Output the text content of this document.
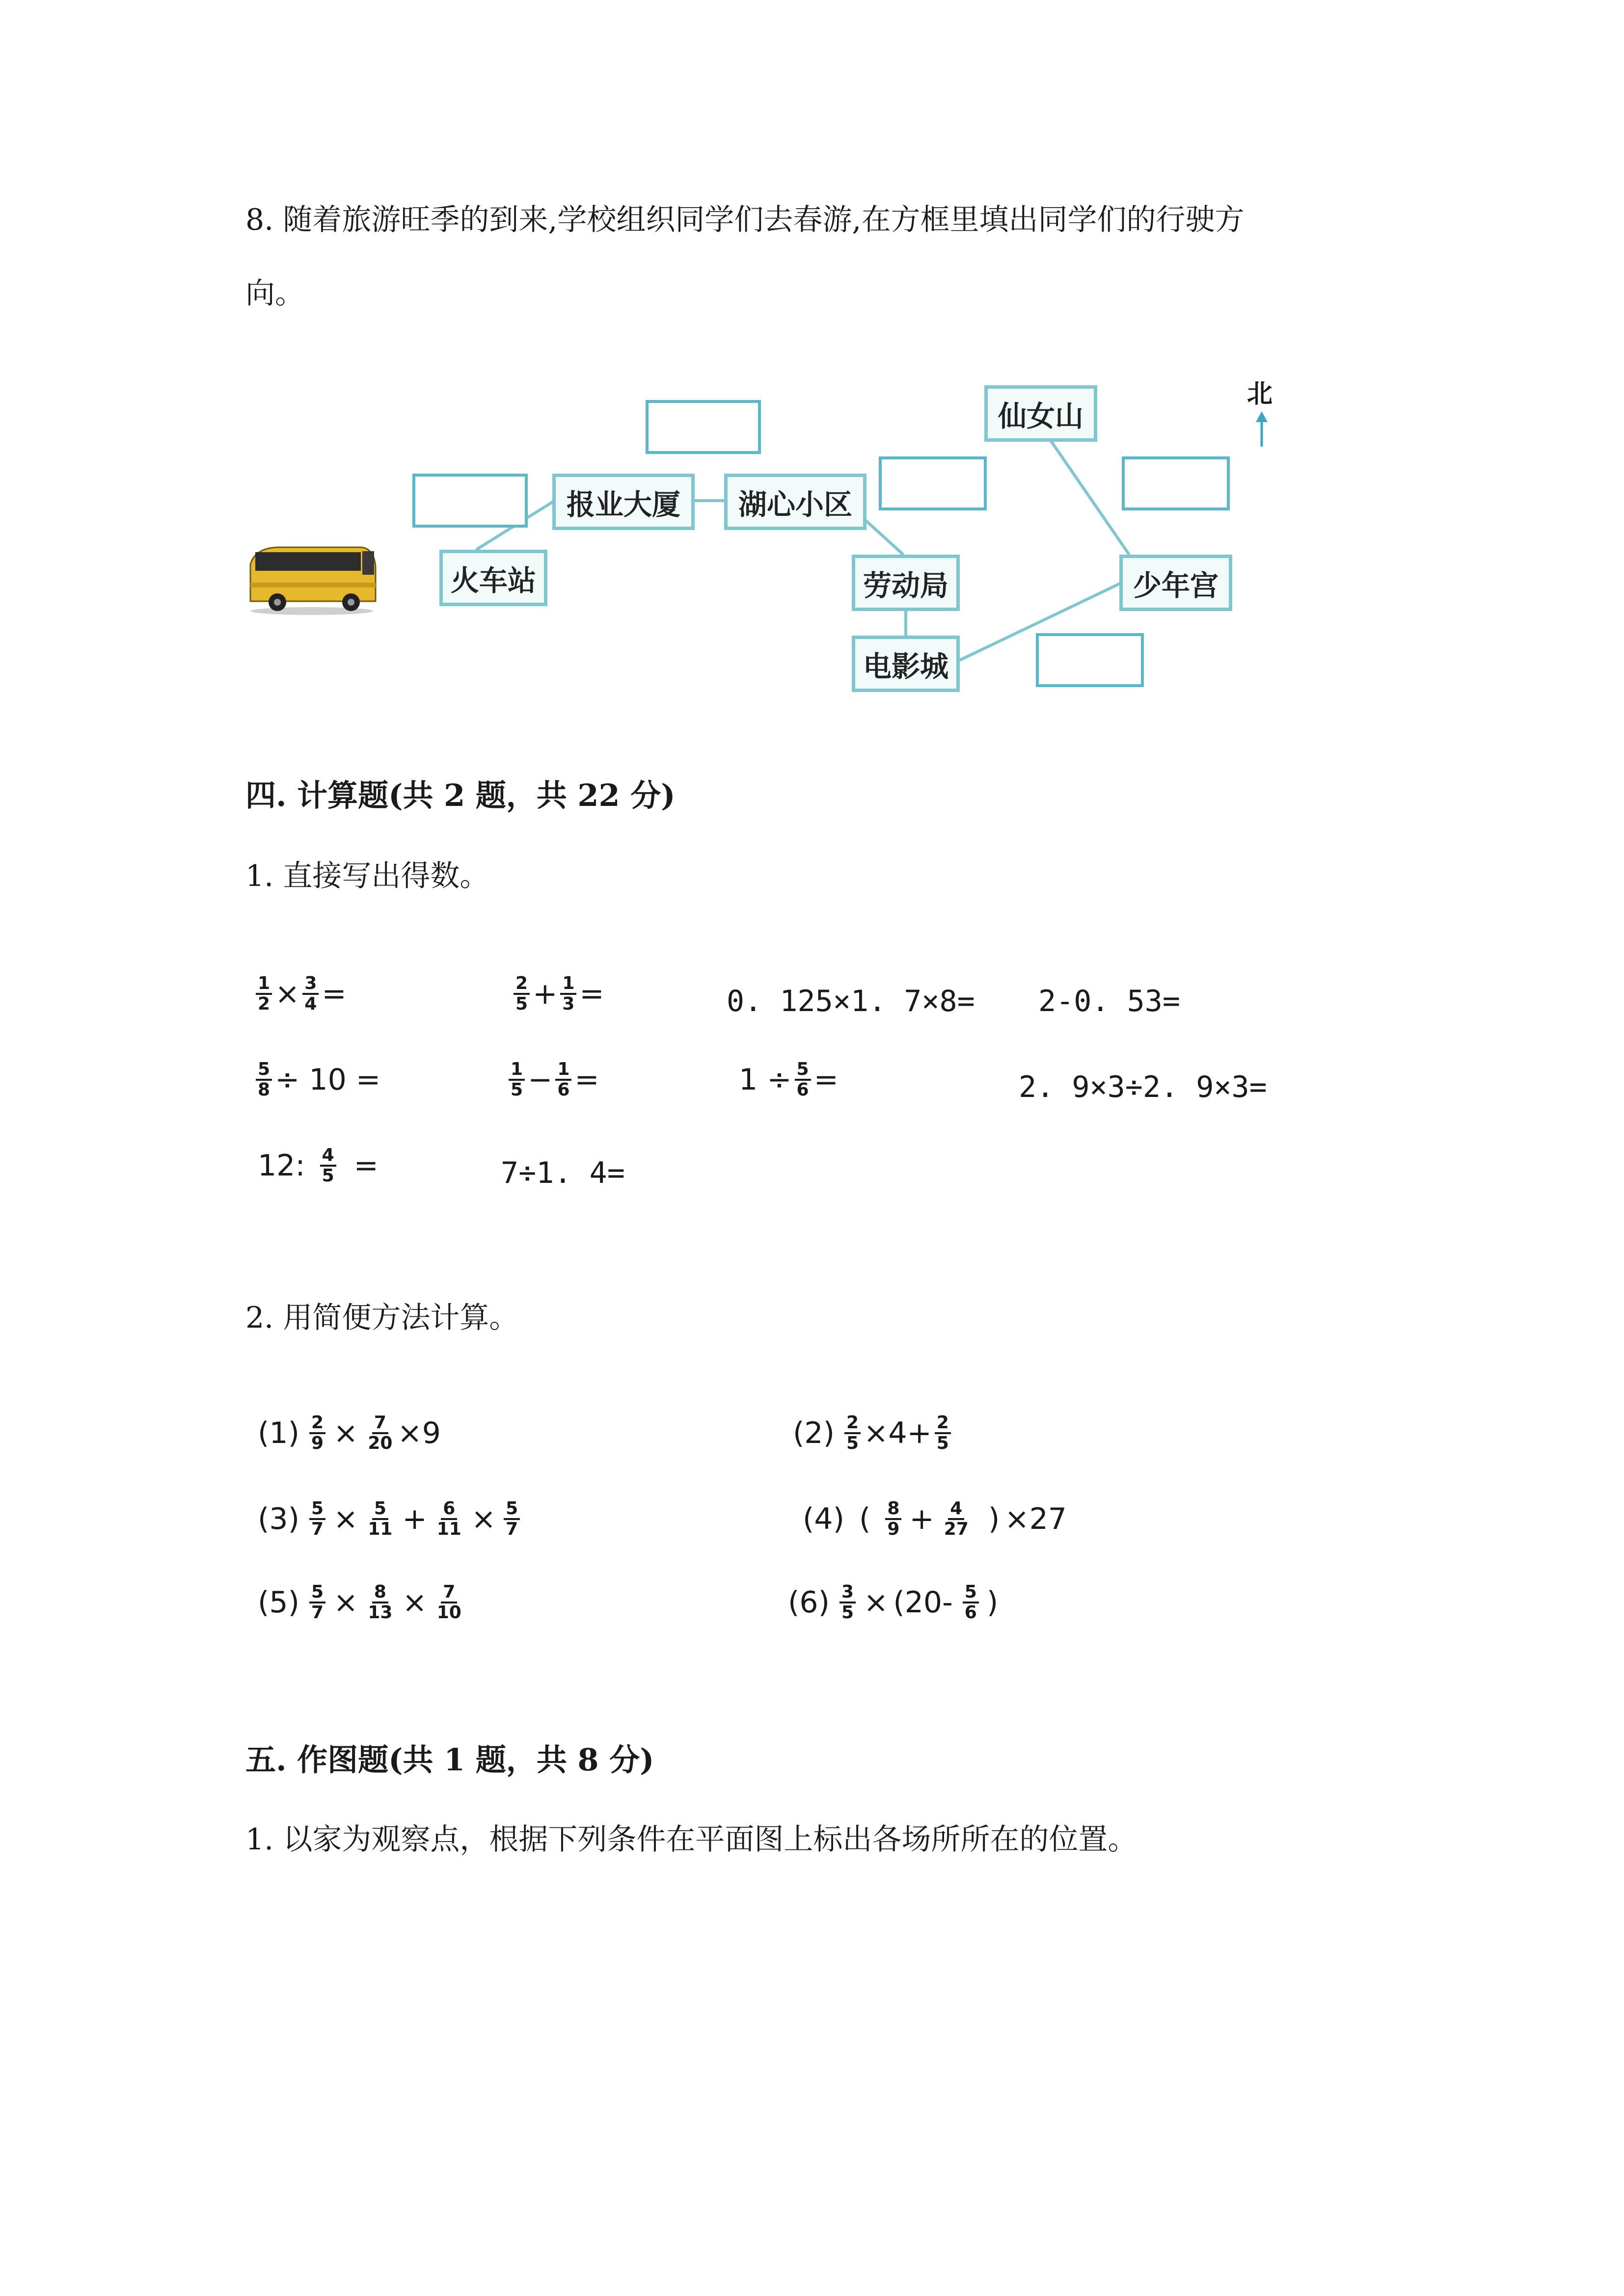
8. 随着旅游旺季的到来,学校组织同学们去春游,在方框里填出同学们的行驶方
向。
火车站
报业大厦	湖心小区
劳动局
电影城
少年宫
仙女山
北
四. 计算题(共 2 题，共 22 分)
1. 直接写出得数。
$\frac{1}{2} \times \frac{3}{4}$ =	$\frac{2}{5} + \frac{1}{3}$ =	0. 125×1. 7×8= 2-0. 53=
$\frac{5}{8} \div 10$ =	$\frac{1}{5} - \frac{1}{6}$ =	$1 \div \frac{5}{6}$ =	2. 9×3÷2. 9×3=
12: $\frac{4}{5}$ =	7÷1. 4=
2. 用简便方法计算。
$(1) \frac{2}{9} \times \frac{7}{20} \times 9$	$(2) \frac{2}{5} \times 4+ \frac{2}{5}$
$(3) \frac{5}{7} \times \frac{5}{11} + \frac{6}{11} \times \frac{5}{7}$	(4) ( $\frac{8}{9} + \frac{4}{27}$ ) ×27
$(5) \frac{5}{7} \times \frac{8}{13} \times \frac{7}{10}$	$(6) \frac{3}{5} \times (20- \frac{5}{6}$ )
五. 作图题(共 1 题，共 8 分)
1. 以家为观察点，根据下列条件在平面图上标出各场所所在的位置。
